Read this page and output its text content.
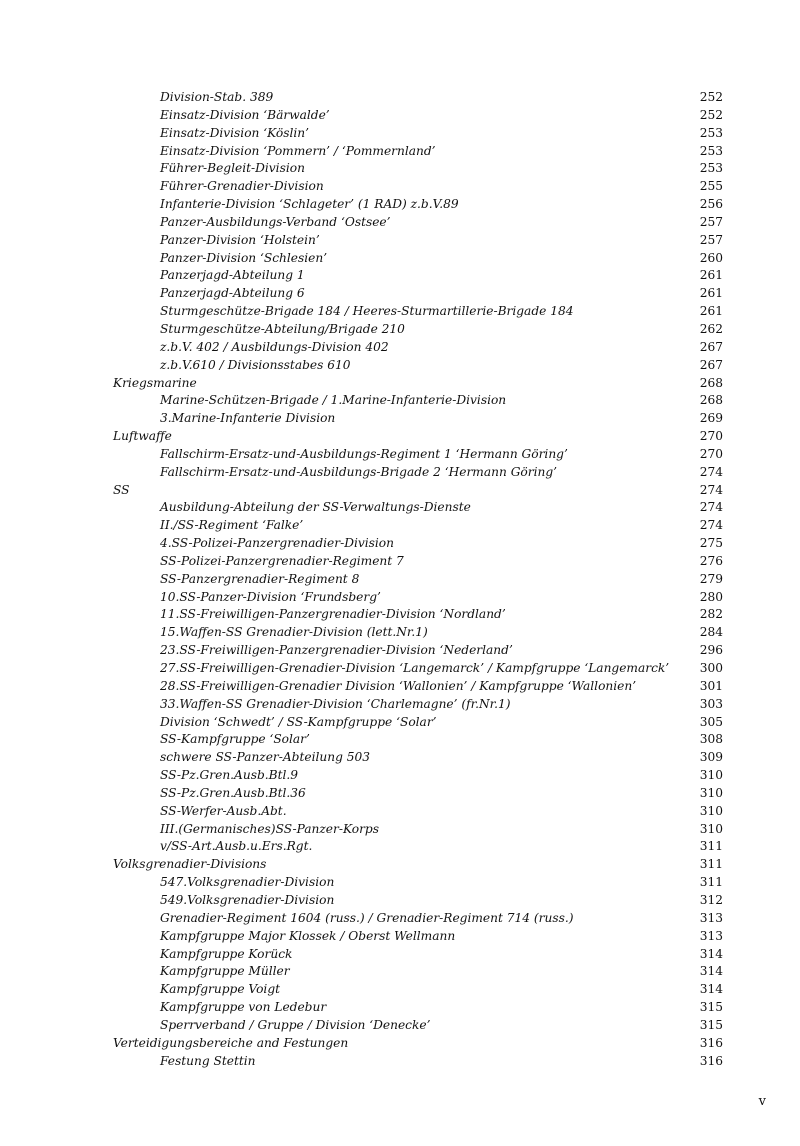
Division-Stab. 389	252
Einsatz-Division ‘Bärwalde’	252
Einsatz-Division ‘Köslin’	253
Einsatz-Division ‘Pommern’ / ‘Pommernland’	253
Führer-Begleit-Division	253
Führer-Grenadier-Division	255
Infanterie-Division ‘Schlageter’ (1 RAD) z.b.V.89	256
Panzer-Ausbildungs-Verband ‘Ostsee’	257
Panzer-Division ‘Holstein’	257
Panzer-Division ‘Schlesien’	260
Panzerjagd-Abteilung 1	261
Panzerjagd-Abteilung 6	261
Sturmgeschütze-Brigade 184 / Heeres-Sturmartillerie-Brigade 184	261
Sturmgeschütze-Abteilung/Brigade 210	262
z.b.V. 402 / Ausbildungs-Division 402	267
z.b.V.610 / Divisionsstabes 610	267
Kriegsmarine	268
Marine-Schützen-Brigade / 1.Marine-Infanterie-Division	268
3.Marine-Infanterie Division	269
Luftwaffe	270
Fallschirm-Ersatz-und-Ausbildungs-Regiment 1 ‘Hermann Göring’	270
Fallschirm-Ersatz-und-Ausbildungs-Brigade 2 ‘Hermann Göring’	274
SS	274
Ausbildung-Abteilung der SS-Verwaltungs-Dienste	274
II./SS-Regiment ‘Falke’	274
4.SS-Polizei-Panzergrenadier-Division	275
SS-Polizei-Panzergrenadier-Regiment 7	276
SS-Panzergrenadier-Regiment 8	279
10.SS-Panzer-Division ‘Frundsberg’	280
11.SS-Freiwilligen-Panzergrenadier-Division ‘Nordland’	282
15.Waffen-SS Grenadier-Division (lett.Nr.1)	284
23.SS-Freiwilligen-Panzergrenadier-Division ‘Nederland’	296
27.SS-Freiwilligen-Grenadier-Division ‘Langemarck’ / Kampfgruppe ‘Langemarck’	300
28.SS-Freiwilligen-Grenadier Division ‘Wallonien’ / Kampfgruppe ‘Wallonien’	301
33.Waffen-SS Grenadier-Division ‘Charlemagne’ (fr.Nr.1)	303
Division ‘Schwedt’ / SS-Kampfgruppe ‘Solar’	305
SS-Kampfgruppe ‘Solar’	308
schwere SS-Panzer-Abteilung 503	309
SS-Pz.Gren.Ausb.Btl.9	310
SS-Pz.Gren.Ausb.Btl.36	310
SS-Werfer-Ausb.Abt.	310
III.(Germanisches)SS-Panzer-Korps	310
v/SS-Art.Ausb.u.Ers.Rgt.	311
Volksgrenadier-Divisions	311
547.Volksgrenadier-Division	311
549.Volksgrenadier-Division	312
Grenadier-Regiment 1604 (russ.) / Grenadier-Regiment 714 (russ.)	313
Kampfgruppe Major Klossek / Oberst Wellmann	313
Kampfgruppe Korück	314
Kampfgruppe Müller	314
Kampfgruppe Voigt	314
Kampfgruppe von Ledebur	315
Sperrverband / Gruppe / Division ‘Denecke’	315
Verteidigungsbereiche and Festungen	316
Festung Stettin	316
v
